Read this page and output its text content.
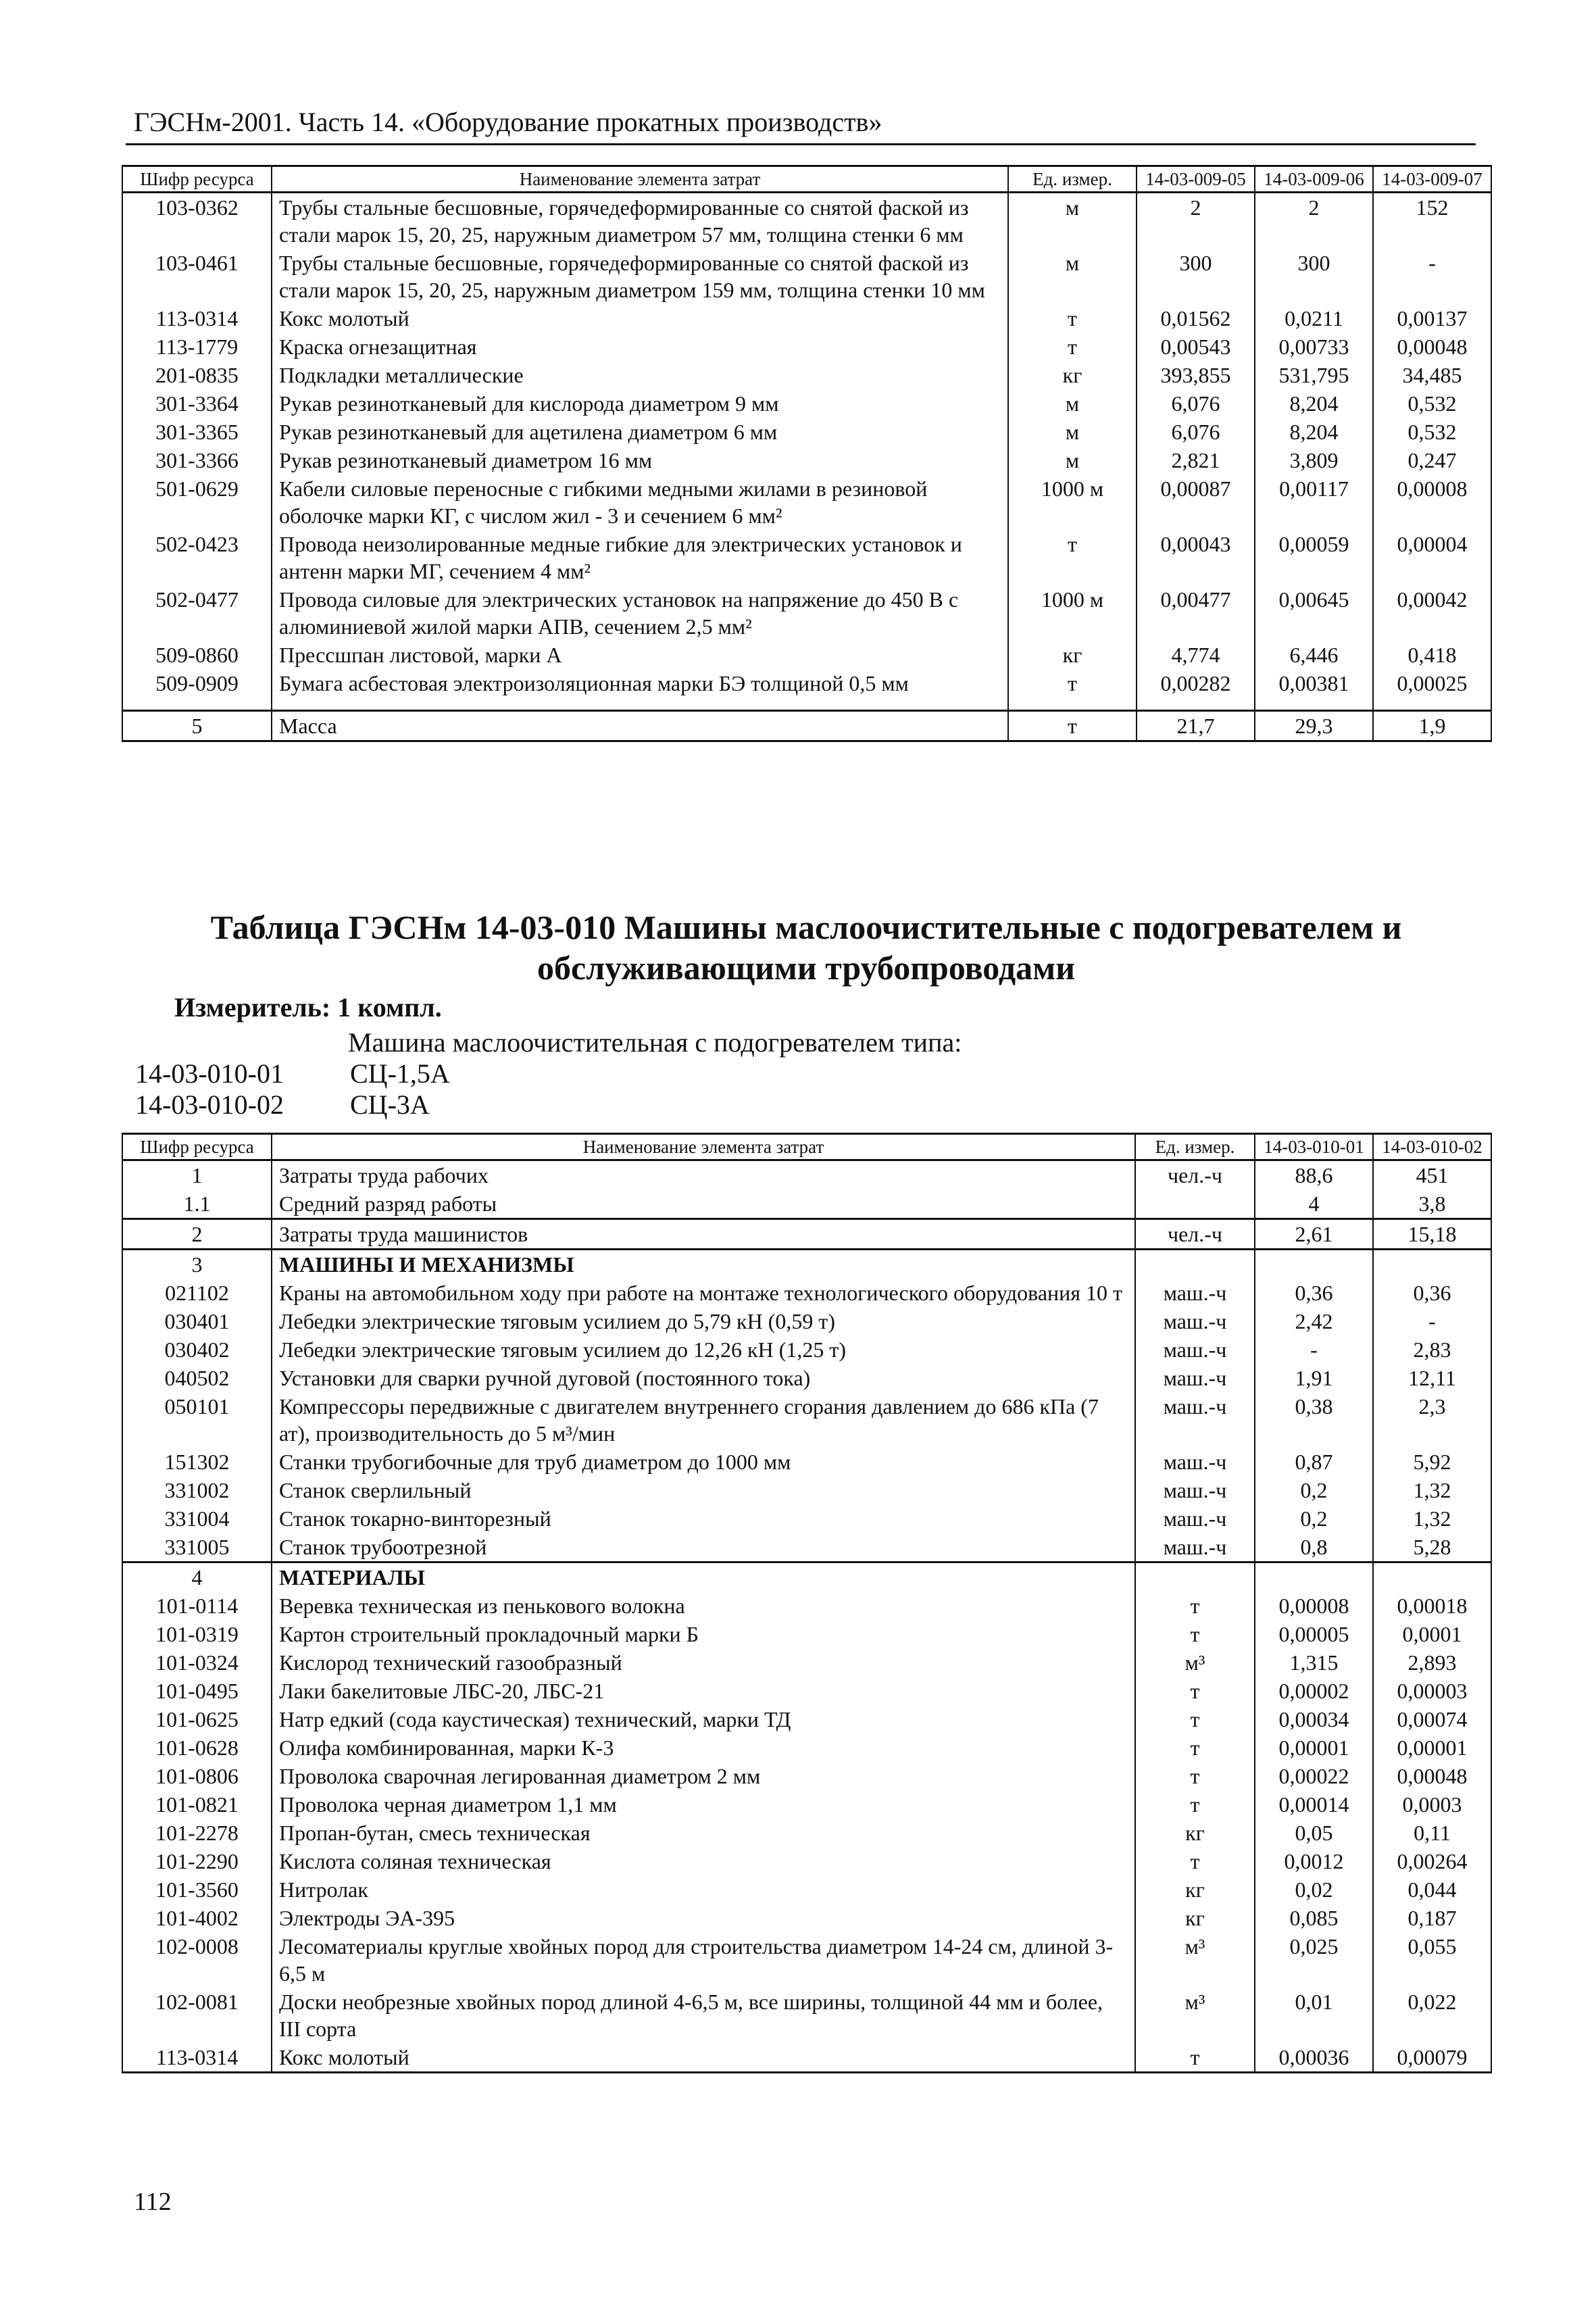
ГЭСНм-2001. Часть 14. «Оборудование прокатных производств»
Шифр ресурса	Наименование элемента затрат	Ед. измер.	14-03-009-05	14-03-009-06	14-03-009-07
103-0362	Трубы стальные бесшовные, горячедеформированные со снятой фаской из стали марок 15, 20, 25, наружным диаметром 57 мм, толщина стенки 6 мм	м	2	2	152
103-0461	Трубы стальные бесшовные, горячедеформированные со снятой фаской из стали марок 15, 20, 25, наружным диаметром 159 мм, толщина стенки 10 мм	м	300	300	-
113-0314	Кокс молотый	т	0,01562	0,0211	0,00137
113-1779	Краска огнезащитная	т	0,00543	0,00733	0,00048
201-0835	Подкладки металлические	кг	393,855	531,795	34,485
301-3364	Рукав резинотканевый для кислорода диаметром 9 мм	м	6,076	8,204	0,532
301-3365	Рукав резинотканевый для ацетилена диаметром 6 мм	м	6,076	8,204	0,532
301-3366	Рукав резинотканевый диаметром 16 мм	м	2,821	3,809	0,247
501-0629	Кабели силовые переносные с гибкими медными жилами в резиновой оболочке марки КГ, с числом жил - 3 и сечением 6 мм²	1000 м	0,00087	0,00117	0,00008
502-0423	Провода неизолированные медные гибкие для электрических установок и антенн марки МГ, сечением 4 мм²	т	0,00043	0,00059	0,00004
502-0477	Провода силовые для электрических установок на напряжение до 450 В с алюминиевой жилой марки АПВ, сечением 2,5 мм²	1000 м	0,00477	0,00645	0,00042
509-0860	Прессшпан листовой, марки А	кг	4,774	6,446	0,418
509-0909	Бумага асбестовая электроизоляционная марки БЭ толщиной 0,5 мм	т	0,00282	0,00381	0,00025

5	Масса	т	21,7	29,3	1,9
Таблица ГЭСНм 14-03-010 Машины маслоочистительные с подогревателем и обслуживающими трубопроводами
Измеритель: 1 компл.
Машина маслоочистительная с подогревателем типа:
14-03-010-01 СЦ-1,5А
14-03-010-02 СЦ-3А
Шифр ресурса	Наименование элемента затрат	Ед. измер.	14-03-010-01	14-03-010-02
1	Затраты труда рабочих	чел.-ч	88,6	451
1.1	Средний разряд работы		4	3,8
2	Затраты труда машинистов	чел.-ч	2,61	15,18
3	МАШИНЫ И МЕХАНИЗМЫ			
021102	Краны на автомобильном ходу при работе на монтаже технологического оборудования 10 т	маш.-ч	0,36	0,36
030401	Лебедки электрические тяговым усилием до 5,79 кН (0,59 т)	маш.-ч	2,42	-
030402	Лебедки электрические тяговым усилием до 12,26 кН (1,25 т)	маш.-ч	-	2,83
040502	Установки для сварки ручной дуговой (постоянного тока)	маш.-ч	1,91	12,11
050101	Компрессоры передвижные с двигателем внутреннего сгорания давлением до 686 кПа (7 ат), производительность до 5 м³/мин	маш.-ч	0,38	2,3
151302	Станки трубогибочные для труб диаметром до 1000 мм	маш.-ч	0,87	5,92
331002	Станок сверлильный	маш.-ч	0,2	1,32
331004	Станок токарно-винторезный	маш.-ч	0,2	1,32
331005	Станок трубоотрезной	маш.-ч	0,8	5,28
4	МАТЕРИАЛЫ			
101-0114	Веревка техническая из пенькового волокна	т	0,00008	0,00018
101-0319	Картон строительный прокладочный марки Б	т	0,00005	0,0001
101-0324	Кислород технический газообразный	м³	1,315	2,893
101-0495	Лаки бакелитовые ЛБС-20, ЛБС-21	т	0,00002	0,00003
101-0625	Натр едкий (сода каустическая) технический, марки ТД	т	0,00034	0,00074
101-0628	Олифа комбинированная, марки К-3	т	0,00001	0,00001
101-0806	Проволока сварочная легированная диаметром 2 мм	т	0,00022	0,00048
101-0821	Проволока черная диаметром 1,1 мм	т	0,00014	0,0003
101-2278	Пропан-бутан, смесь техническая	кг	0,05	0,11
101-2290	Кислота соляная техническая	т	0,0012	0,00264
101-3560	Нитролак	кг	0,02	0,044
101-4002	Электроды ЭА-395	кг	0,085	0,187
102-0008	Лесоматериалы круглые хвойных пород для строительства диаметром 14-24 см, длиной 3-6,5 м	м³	0,025	0,055
102-0081	Доски необрезные хвойных пород длиной 4-6,5 м, все ширины, толщиной 44 мм и более, III сорта	м³	0,01	0,022
113-0314	Кокс молотый	т	0,00036	0,00079
112
